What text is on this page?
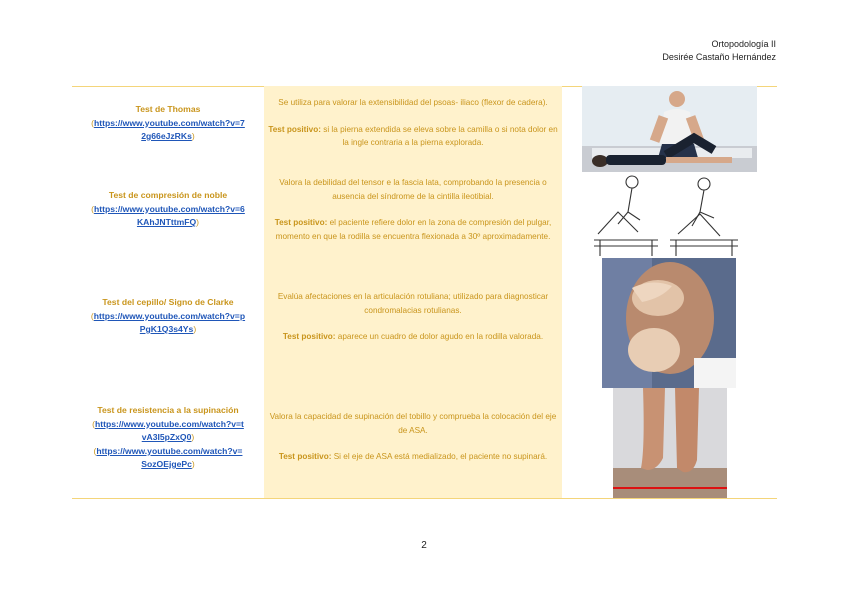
Ortopodología II
Desirée Castaño Hernández
Test de Thomas
(https://www.youtube.com/watch?v=7
2g66eJzRKs)

Se utiliza para valorar la extensibilidad del psoas- iliaco (flexor de cadera).

Test positivo: si la pierna extendida se eleva sobre la camilla o si nota dolor en la ingle contraria a la pierna explorada.

Test de compresión de noble
(https://www.youtube.com/watch?v=6
KAhJNTttmFQ)

Valora la debilidad del tensor e la fascia lata, comprobando la presencia o ausencia del síndrome de la cintilla ileotibial.

Test positivo: el paciente refiere dolor en la zona de compresión del pulgar, momento en que la rodilla se encuentra flexionada a 30º aproximadamente.

Test del cepillo/ Signo de Clarke
(https://www.youtube.com/watch?v=p
PgK1Q3s4Ys)

Evalúa afectaciones en la articulación rotuliana; utilizado para diagnosticar condromalacias rotulianas.

Test positivo: aparece un cuadro de dolor agudo en la rodilla valorada.

Test de resistencia a la supinación
(https://www.youtube.com/watch?v=t
vA3I5pZxQ0)
(https://www.youtube.com/watch?v=
SozOEjgePc)

Valora la capacidad de supinación del tobillo y comprueba la colocación del eje de ASA.

Test positivo: Si el eje de ASA está medializado, el paciente no supinará.

2
